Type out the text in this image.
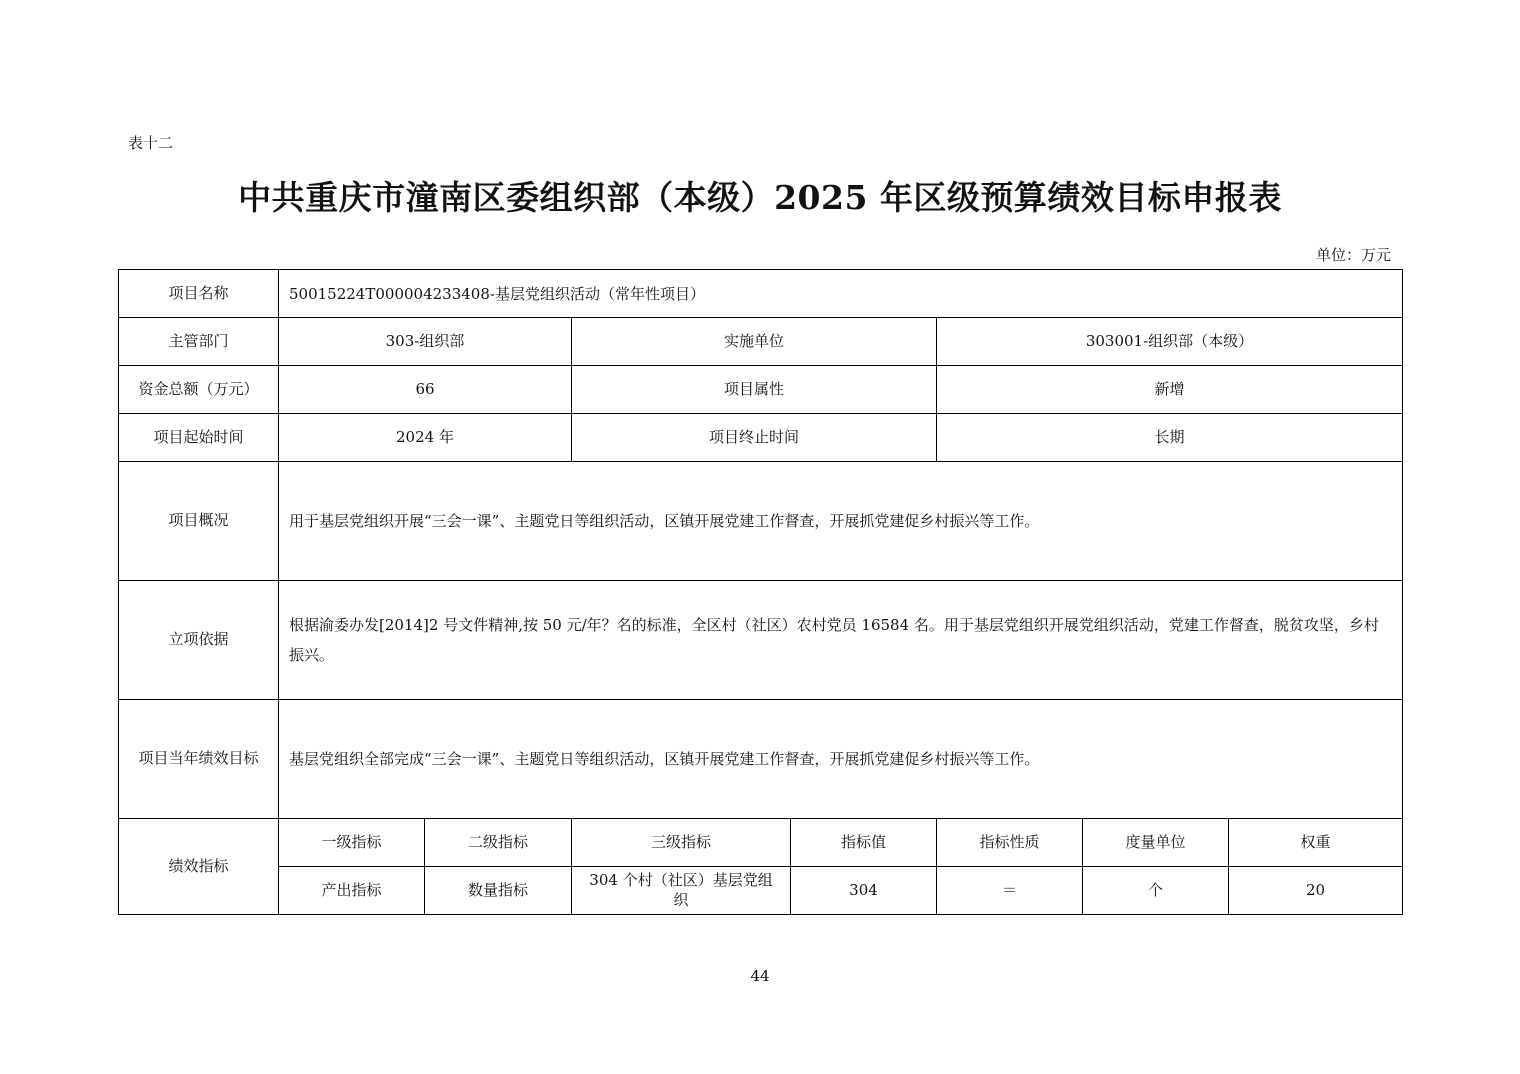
表十二
中共重庆市潼南区委组织部（本级）2025 年区级预算绩效目标申报表
单位：万元
项目名称	50015224T000004233408-基层党组织活动（常年性项目）						
主管部门	303-组织部		实施单位		303001-组织部（本级）		
资金总额（万元）	66		项目属性		新增		
项目起始时间	2024 年		项目终止时间		长期		
项目概况	用于基层党组织开展“三会一课”、主题党日等组织活动，区镇开展党建工作督查，开展抓党建促乡村振兴等工作。						
立项依据	根据渝委办发[2014]2 号文件精神,按 50 元/年？名的标准，全区村（社区）农村党员 16584 名。用于基层党组织开展党组织活动，党建工作督查，脱贫攻坚，乡村振兴。						
项目当年绩效目标	基层党组织全部完成“三会一课”、主题党日等组织活动，区镇开展党建工作督查，开展抓党建促乡村振兴等工作。						
绩效指标	一级指标	二级指标	三级指标	指标值	指标性质	度量单位	权重
	产出指标	数量指标	304 个村（社区）基层党组织	304	＝	个	20
44
